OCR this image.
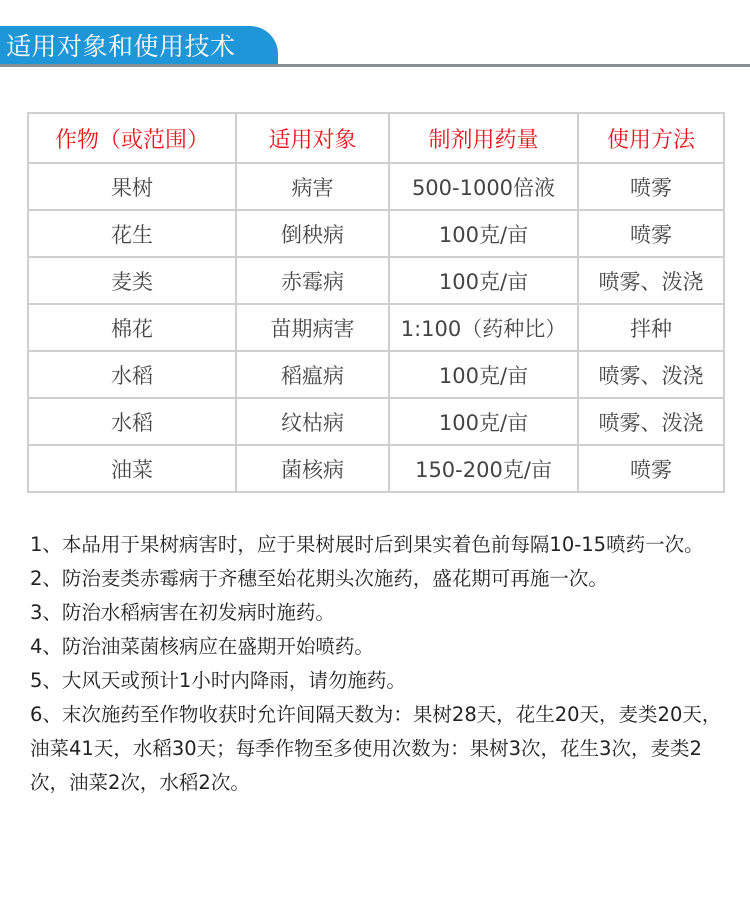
适用对象和使用技术
作物（或范围）	适用对象	制剂用药量	使用方法
果树	病害	500-1000倍液	喷雾
花生	倒秧病	100克/亩	喷雾
麦类	赤霉病	100克/亩	喷雾、泼浇
棉花	苗期病害	1:100（药种比）	拌种
水稻	稻瘟病	100克/亩	喷雾、泼浇
水稻	纹枯病	100克/亩	喷雾、泼浇
油菜	菌核病	150-200克/亩	喷雾

1、本品用于果树病害时，应于果树展时后到果实着色前每隔10-15喷药一次。

2、防治麦类赤霉病于齐穗至始花期头次施药，盛花期可再施一次。

3、防治水稻病害在初发病时施药。

4、防治油菜菌核病应在盛期开始喷药。

5、大风天或预计1小时内降雨，请勿施药。

6、末次施药至作物收获时允许间隔天数为：果树28天，花生20天，麦类20天，油菜41天，水稻30天；每季作物至多使用次数为：果树3次，花生3次，麦类2次，油菜2次，水稻2次。
